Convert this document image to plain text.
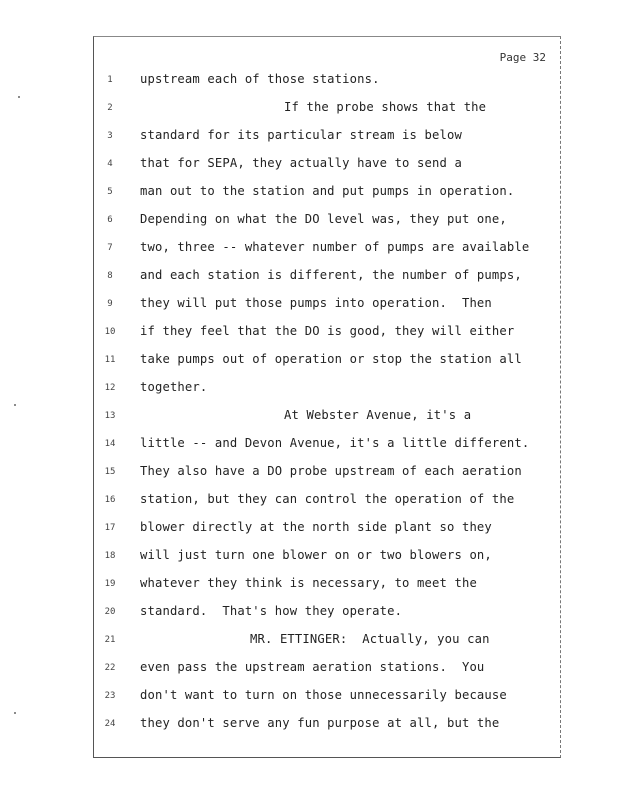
Page 32
1	upstream each of those stations.
2	If the probe shows that the
3	standard for its particular stream is below
4	that for SEPA, they actually have to send a
5	man out to the station and put pumps in operation.
6	Depending on what the DO level was, they put one,
7	two, three -- whatever number of pumps are available
8	and each station is different, the number of pumps,
9	they will put those pumps into operation.  Then
10	if they feel that the DO is good, they will either
11	take pumps out of operation or stop the station all
12	together.
13	At Webster Avenue, it's a
14	little -- and Devon Avenue, it's a little different.
15	They also have a DO probe upstream of each aeration
16	station, but they can control the operation of the
17	blower directly at the north side plant so they
18	will just turn one blower on or two blowers on,
19	whatever they think is necessary, to meet the
20	standard.  That's how they operate.
21	MR. ETTINGER:  Actually, you can
22	even pass the upstream aeration stations.  You
23	don't want to turn on those unnecessarily because
24	they don't serve any fun purpose at all, but the
